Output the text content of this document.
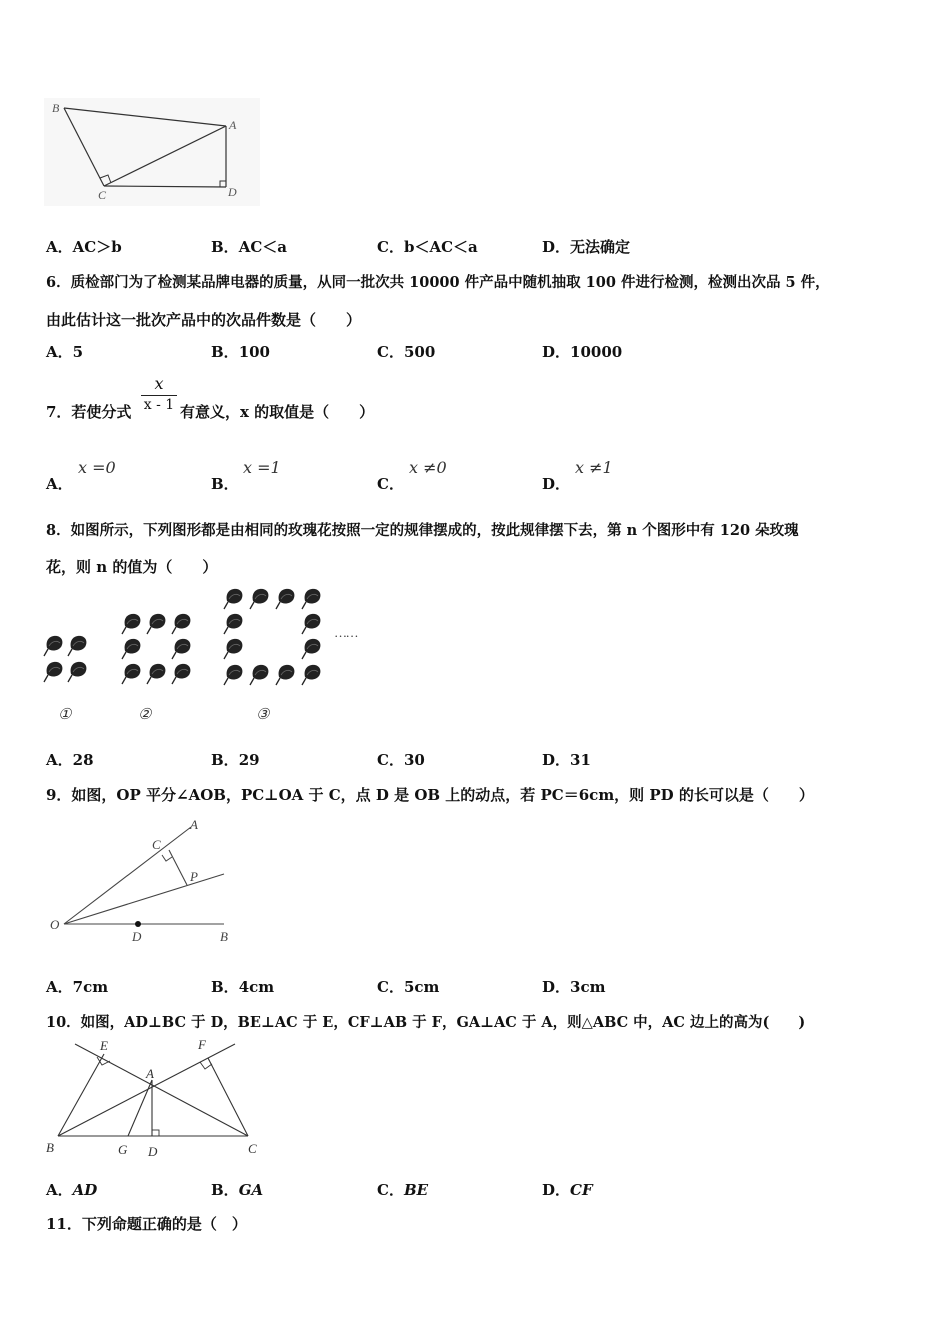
B
A
C	D
A．AC＞b	B．AC＜a	C．b＜AC＜a	D．无法确定
6．质检部门为了检测某品牌电器的质量，从同一批次共 10000 件产品中随机抽取 100 件进行检测，检测出次品 5 件，
由此估计这一批次产品中的次品件数是（　　）
A．5	B．100	C．500	D．10000
7．若使分式
x
x - 1 有意义，x 的取值是（　　）
A．
x =0
B．
x =1
C．
x ≠0
D．
x ≠1
8．如图所示，下列图形都是由相同的玫瑰花按照一定的规律摆成的，按此规律摆下去，第 n 个图形中有 120 朵玫瑰
花，则 n 的值为（　　）
①	②	③
……
A．28	B．29	C．30	D．31
9．如图，OP 平分∠AOB，PC⊥OA 于 C，点 D 是 OB 上的动点，若 PC＝6cm，则 PD 的长可以是（　　）
A
C
P
O
D	B
A．7cm	B．4cm	C．5cm	D．3cm
10．如图，AD⊥BC 于 D，BE⊥AC 于 E，CF⊥AB 于 F，GA⊥AC 于 A，则△ABC 中，AC 边上的高为(　　)
E	F
A
B	G D	C
A．AD	B．GA	C．BE	D．CF
11．下列命题正确的是（　）
